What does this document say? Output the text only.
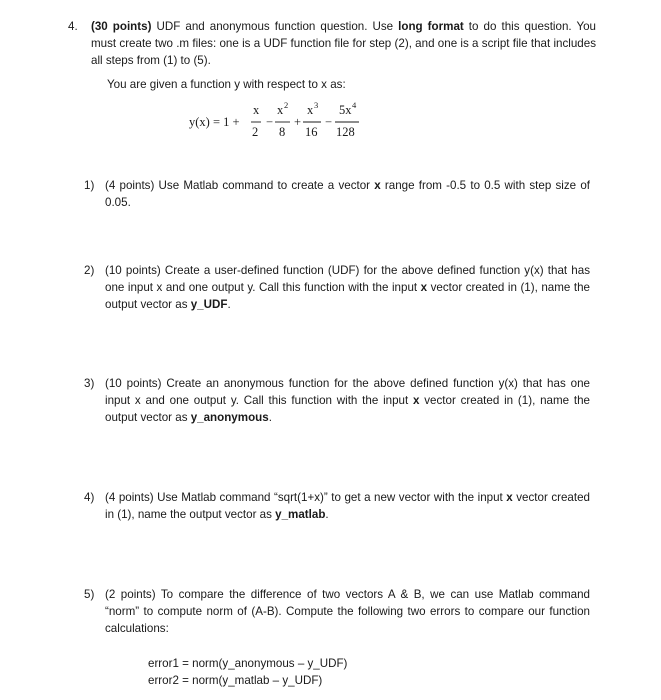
4. (30 points) UDF and anonymous function question. Use long format to do this question. You must create two .m files: one is a UDF function file for step (2), and one is a script file that includes all steps from (1) to (5).
You are given a function y with respect to x as:
y(x) = 1 +
x
2
−
x 2
8
+
x 3
16
−
5x 4
128
1) (4 points) Use Matlab command to create a vector x range from -0.5 to 0.5 with step size of 0.05.
2) (10 points) Create a user-defined function (UDF) for the above defined function y(x) that has one input x and one output y. Call this function with the input x vector created in (1), name the output vector as y_UDF.
3) (10 points) Create an anonymous function for the above defined function y(x) that has one input x and one output y. Call this function with the input x vector created in (1), name the output vector as y_anonymous.
4) (4 points) Use Matlab command “sqrt(1+x)” to get a new vector with the input x vector created in (1), name the output vector as y_matlab.
5) (2 points) To compare the difference of two vectors A & B, we can use Matlab command “norm” to compute norm of (A-B). Compute the following two errors to compare our function calculations:
error1 = norm(y_anonymous – y_UDF)
error2 = norm(y_matlab – y_UDF)
